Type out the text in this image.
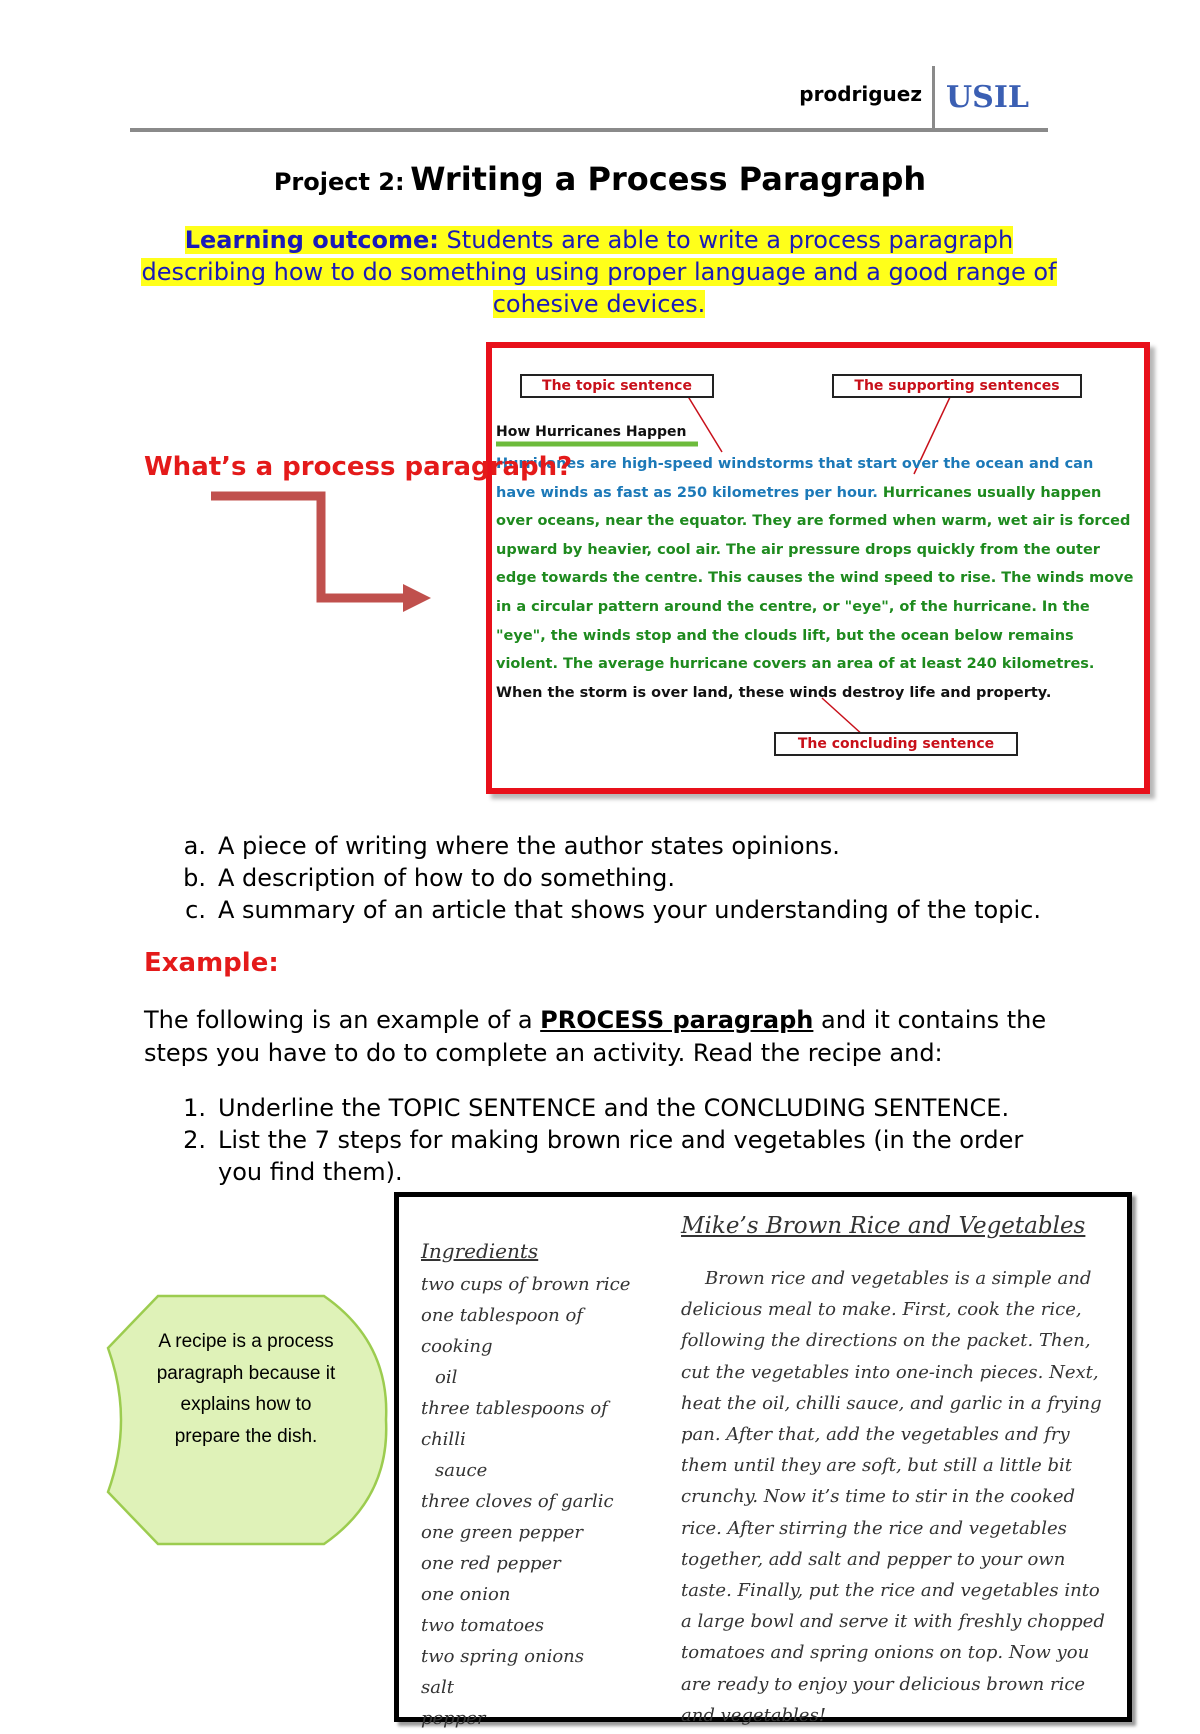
prodriguez USIL
Project 2: Writing a Process Paragraph
Learning outcome: Students are able to write a process paragraph describing how to do something using proper language and a good range of cohesive devices.
What’s a process paragraph?
The topic sentence	The supporting sentences
The concluding sentence
How Hurricanes Happen
Hurricanes are high-speed windstorms that start over the ocean and can have winds as fast as 250 kilometres per hour. Hurricanes usually happen over oceans, near the equator. They are formed when warm, wet air is forced upward by heavier, cool air. The air pressure drops quickly from the outer edge towards the centre. This causes the wind speed to rise. The winds move in a circular pattern around the centre, or "eye", of the hurricane. In the "eye", the winds stop and the clouds lift, but the ocean below remains violent. The average hurricane covers an area of at least 240 kilometres. When the storm is over land, these winds destroy life and property.
a. A piece of writing where the author states opinions.
b. A description of how to do something.
c. A summary of an article that shows your understanding of the topic.
Example:
The following is an example of a PROCESS paragraph and it contains the steps you have to do to complete an activity. Read the recipe and:
1. Underline the TOPIC SENTENCE and the CONCLUDING SENTENCE.
2. List the 7 steps for making brown rice and vegetables (in the order you find them).
A recipe is a process paragraph because it explains how to prepare the dish.
Ingredients
two cups of brown rice
one tablespoon of cooking
oil
three tablespoons of chilli
sauce
three cloves of garlic
one green pepper
one red pepper
one onion
two tomatoes
two spring onions
salt
pepper
Mike’s Brown Rice and Vegetables
Brown rice and vegetables is a simple and delicious meal to make. First, cook the rice, following the directions on the packet. Then, cut the vegetables into one-inch pieces. Next, heat the oil, chilli sauce, and garlic in a frying pan. After that, add the vegetables and fry them until they are soft, but still a little bit crunchy. Now it’s time to stir in the cooked rice. After stirring the rice and vegetables together, add salt and pepper to your own taste. Finally, put the rice and vegetables into a large bowl and serve it with freshly chopped tomatoes and spring onions on top. Now you are ready to enjoy your delicious brown rice and vegetables!
